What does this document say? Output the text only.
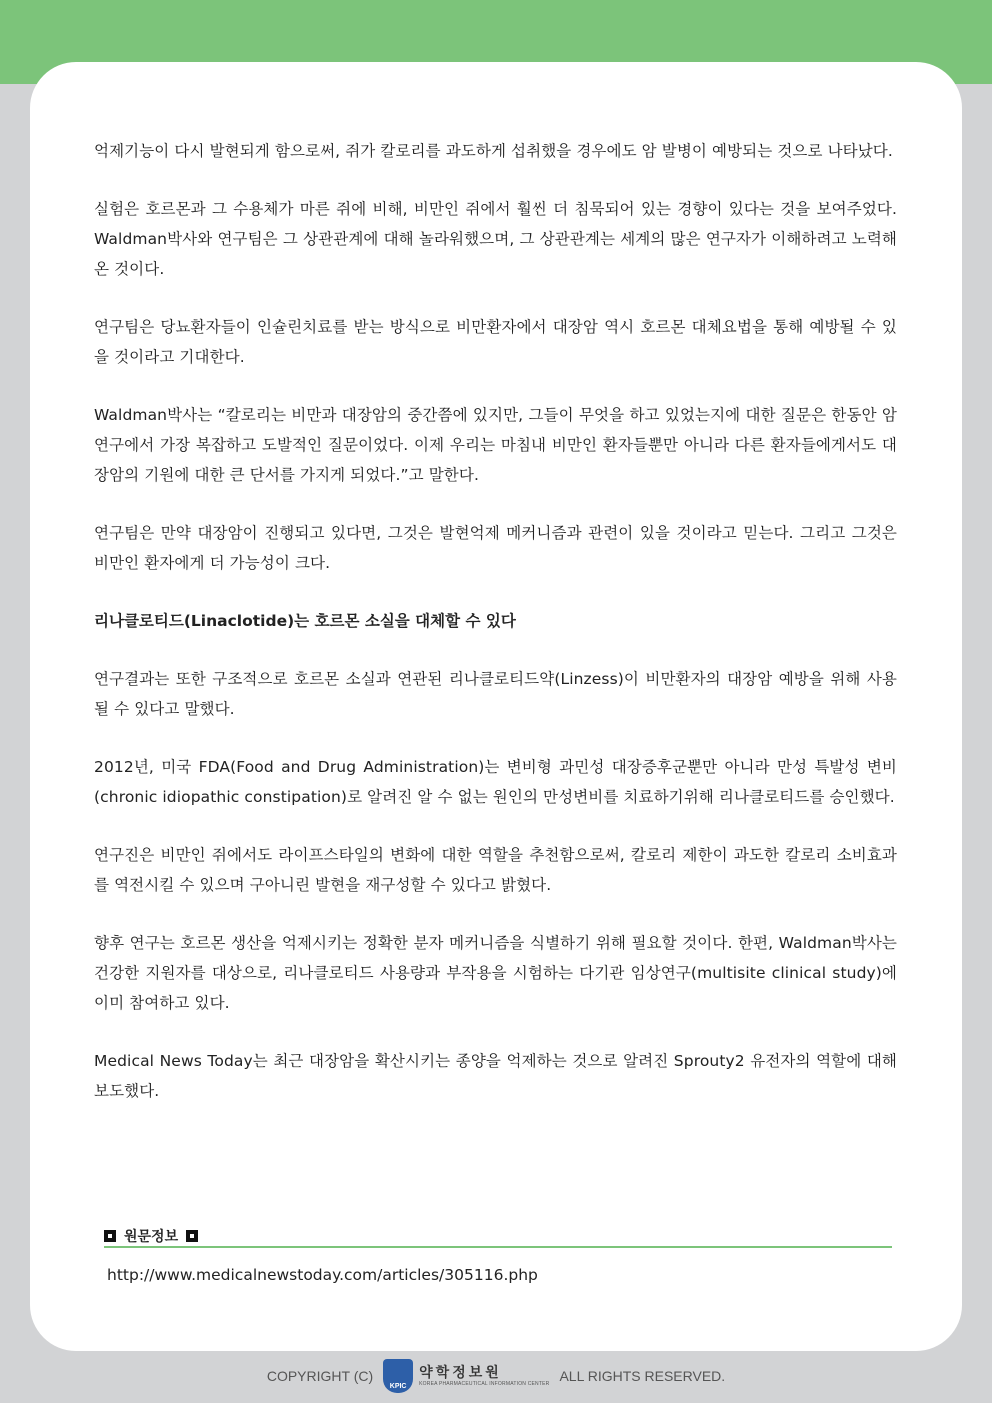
억제기능이 다시 발현되게 함으로써, 쥐가 칼로리를 과도하게 섭취했을 경우에도 암 발병이 예방되는 것으로 나타났다.

실험은 호르몬과 그 수용체가 마른 쥐에 비해, 비만인 쥐에서 훨씬 더 침묵되어 있는 경향이 있다는 것을 보여주었다. Waldman박사와 연구팀은 그 상관관계에 대해 놀라워했으며, 그 상관관계는 세계의 많은 연구자가 이해하려고 노력해온 것이다.

연구팀은 당뇨환자들이 인슐린치료를 받는 방식으로 비만환자에서 대장암 역시 호르몬 대체요법을 통해 예방될 수 있을 것이라고 기대한다.

Waldman박사는 “칼로리는 비만과 대장암의 중간쯤에 있지만, 그들이 무엇을 하고 있었는지에 대한 질문은 한동안 암 연구에서 가장 복잡하고 도발적인 질문이었다. 이제 우리는 마침내 비만인 환자들뿐만 아니라 다른 환자들에게서도 대장암의 기원에 대한 큰 단서를 가지게 되었다.”고 말한다.

연구팀은 만약 대장암이 진행되고 있다면, 그것은 발현억제 메커니즘과 관련이 있을 것이라고 믿는다. 그리고 그것은 비만인 환자에게 더 가능성이 크다.

리나클로티드(Linaclotide)는 호르몬 소실을 대체할 수 있다

연구결과는 또한 구조적으로 호르몬 소실과 연관된 리나클로티드약(Linzess)이 비만환자의 대장암 예방을 위해 사용될 수 있다고 말했다.

2012년, 미국 FDA(Food and Drug Administration)는 변비형 과민성 대장증후군뿐만 아니라 만성 특발성 변비(chronic idiopathic constipation)로 알려진 알 수 없는 원인의 만성변비를 치료하기위해 리나클로티드를 승인했다.

연구진은 비만인 쥐에서도 라이프스타일의 변화에 대한 역할을 추천함으로써, 칼로리 제한이 과도한 칼로리 소비효과를 역전시킬 수 있으며 구아니린 발현을 재구성할 수 있다고 밝혔다.

향후 연구는 호르몬 생산을 억제시키는 정확한 분자 메커니즘을 식별하기 위해 필요할 것이다. 한편, Waldman박사는 건강한 지원자를 대상으로, 리나클로티드 사용량과 부작용을 시험하는 다기관 임상연구(multisite clinical study)에 이미 참여하고 있다.

Medical News Today는 최근 대장암을 확산시키는 종양을 억제하는 것으로 알려진 Sprouty2 유전자의 역할에 대해 보도했다.

원문정보
http://www.medicalnewstoday.com/articles/305116.php
COPYRIGHT (C)
KPIC
약학정보원
KOREA PHARMACEUTICAL INFORMATION CENTER ALL RIGHTS RESERVED.
